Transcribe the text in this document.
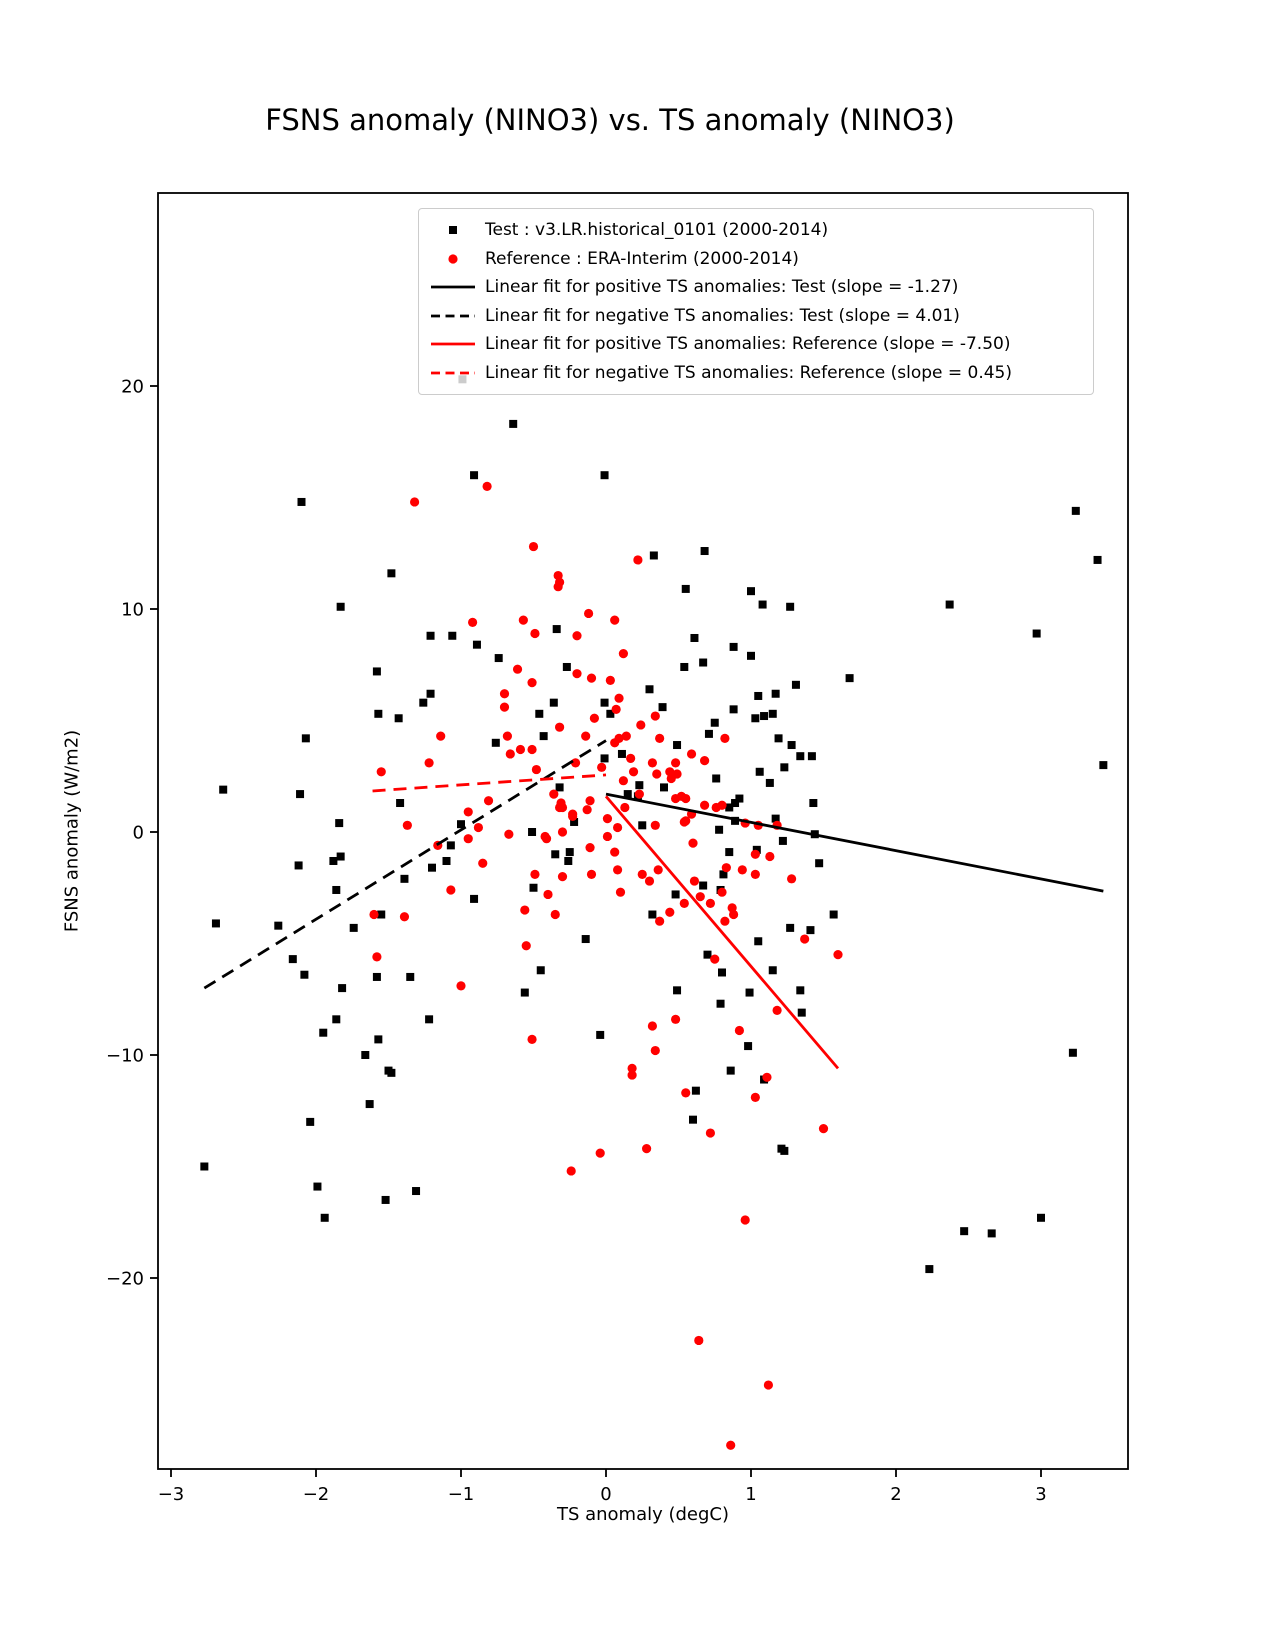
−3	−2	−1	0	1	2	3
−20
−10
0
10
20
FSNS anomaly (NINO3) vs. TS anomaly (NINO3)
FSNS anomaly (W/m2)
TS anomaly (degC)
Test : v3.LR.historical_0101 (2000-2014)
Reference : ERA-Interim (2000-2014)
Linear fit for positive TS anomalies: Test (slope = -1.27)
Linear fit for negative TS anomalies: Test (slope = 4.01)
Linear fit for positive TS anomalies: Reference (slope = -7.50)
Linear fit for negative TS anomalies: Reference (slope = 0.45)
